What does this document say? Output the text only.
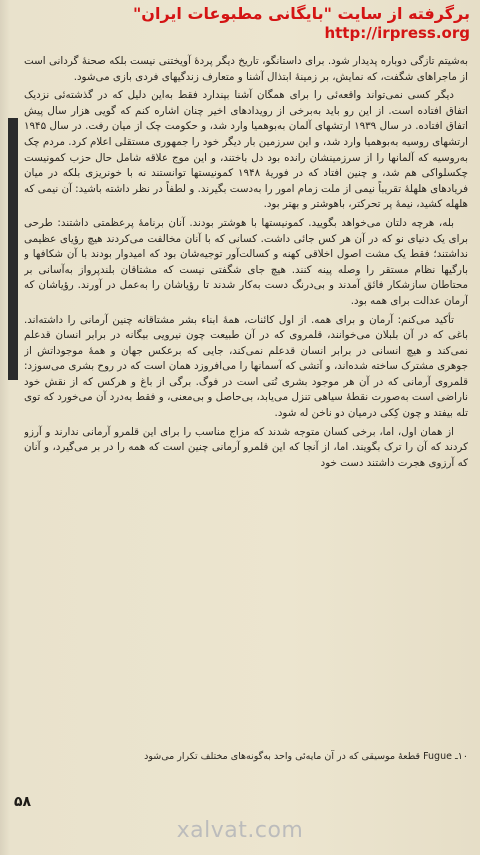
برگرفته از سایت "بایگانی مطبوعات ایران"
http://irpress.org

به‌شیتم تازگی دوباره پدیدار شود. برای داستانگو، تاریخ دیگر پردهٔ آویختنی نیست بلکه صحنهٔ گردانی است از ماجراهای شگفت، که نمایش، بر زمینهٔ ابتذال آشنا و متعارف زندگیهای فردی بازی می‌شود.

دیگر کسی نمی‌تواند واقعه‌ئی را برای همگان آشنا بپندارد فقط به‌این دلیل که در گذشته‌ئی نزدیک اتفاق افتاده است. از این رو باید به‌برخی از رویدادهای اخیر چنان اشاره کنم که گویی هزار سال پیش اتفاق افتاده. در سال ۱۹۳۹ ارتشهای آلمان به‌بوهمیا وارد شد، و حکومت چک از میان رفت. در سال ۱۹۴۵ ارتشهای روسیه به‌بوهمیا وارد شد، و این سرزمین بار دیگر خود را جمهوری مستقلی اعلام کرد. مردم چک به‌روسیه که آلمانها را از سرزمینشان رانده بود دل باختند، و این موج علاقه شامل حال حزب کمونیست چکسلواکی هم شد، و چنین افتاد که در فوریهٔ ۱۹۴۸ کمونیستها توانستند نه با خونریزی بلکه در میان فریادهای هلهلهٔ تقریباً نیمی از ملت زمام امور را به‌دست بگیرند. و لطفاً در نظر داشته باشید: آن نیمی که هلهله کشید، نیمهٔ پر تحرکتر، باهوشتر و بهتر بود.

بله، هرچه دلتان می‌خواهد بگویید. کمونیستها با هوشتر بودند. آنان برنامهٔ پرعظمتی داشتند: طرحی برای یک دنیای نو که در آن هر کس جائی داشت. کسانی که با آنان مخالفت می‌کردند هیچ رؤیای عظیمی نداشتند؛ فقط یک مشت اصول اخلاقی کهنه و کسالت‌آور توجیه‌شان بود که امیدوار بودند با آن شکافها و بارگیها نظام مستقر را وصله پینه کنند. هیچ جای شگفتی نیست که مشتاقان بلندپرواز به‌آسانی بر محتاطان سازشکار فائق آمدند و بی‌درنگ دست به‌کار شدند تا رؤیاشان را به‌عمل در آورند. رؤیاشان که آرمان عدالت برای همه بود.

تأکید می‌کنم: آرمان و برای همه. از اول کائنات، همهٔ ابناء بشر مشتاقانه چنین آرمانی را داشته‌اند. باغی که در آن بلبلان می‌خوانند، قلمروی که در آن طبیعت چون نیرویی بیگانه در برابر انسان قدعلم نمی‌کند و هیچ انسانی در برابر انسان قدعلم نمی‌کند، جایی که برعکس جهان و همهٔ موجوداتش از جوهری مشترک ساخته شده‌اند، و آتشی که آسمانها را می‌افروزد همان است که در روح بشری می‌سوزد: قلمروی آرمانی که در آن هر موجود بشری نُتی است در فوگ. برگی از باغ و هرکس که از نقش خود ناراضی است به‌صورت نقطهٔ سیاهی تنزل می‌یابد، بی‌حاصل و بی‌معنی، و فقط به‌درد آن می‌خورد که توی تله بیفتد و چون کِکی درمیان دو ناخن له شود.

از همان اول، اما، برخی کسان متوجه شدند که مزاج مناسب را برای این قلمرو آرمانی ندارند و آرزو کردند که آن را ترک بگویند. اما، از آنجا که این قلمرو آرمانی چنین است که همه را در بر می‌گیرد، و آنان که آرزوی هجرت داشتند دست خود

۱۰ـ Fugue قطعهٔ موسیقی که در آن مایه‌ئی واحد به‌گونه‌های مختلف تکرار می‌شود
۵۸
xalvat.com
